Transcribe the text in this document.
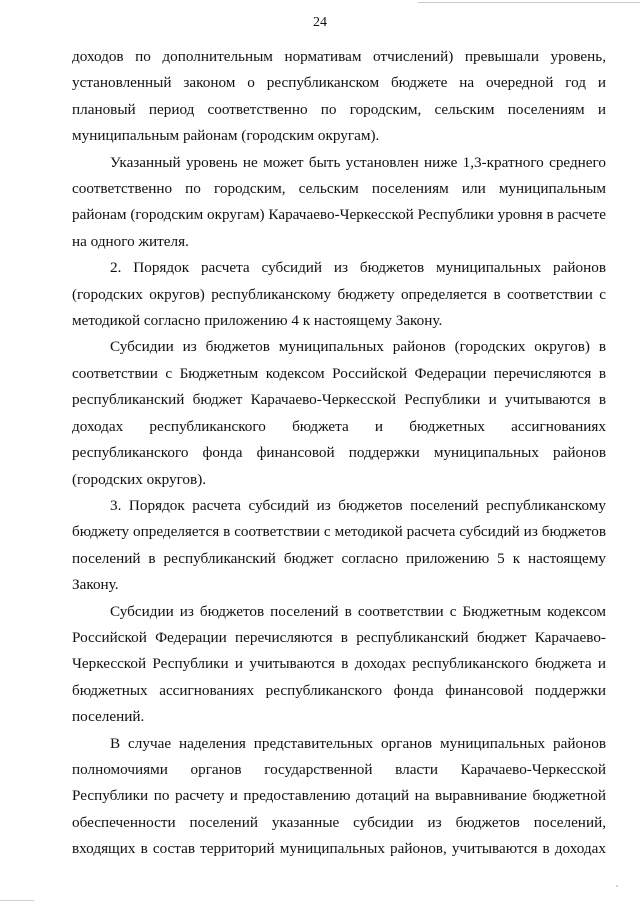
24

доходов по дополнительным нормативам отчислений) превышали уровень, установленный законом о республиканском бюджете на очередной год и плановый период соответственно по городским, сельским поселениям и муниципальным районам (городским округам).

Указанный уровень не может быть установлен ниже 1,3-кратного среднего соответственно по городским, сельским поселениям или муниципальным районам (городским округам) Карачаево-Черкесской Республики уровня в расчете на одного жителя.

2. Порядок расчета субсидий из бюджетов муниципальных районов (городских округов) республиканскому бюджету определяется в соответствии с методикой согласно приложению 4 к настоящему Закону.

Субсидии из бюджетов муниципальных районов (городских округов) в соответствии с Бюджетным кодексом Российской Федерации перечисляются в республиканский бюджет Карачаево-Черкесской Республики и учитываются в доходах республиканского бюджета и бюджетных ассигнованиях республиканского фонда финансовой поддержки муниципальных районов (городских округов).

3. Порядок расчета субсидий из бюджетов поселений республиканскому бюджету определяется в соответствии с методикой расчета субсидий из бюджетов поселений в республиканский бюджет согласно приложению 5 к настоящему Закону.

Субсидии из бюджетов поселений в соответствии с Бюджетным кодексом Российской Федерации перечисляются в республиканский бюджет Карачаево-Черкесской Республики и учитываются в доходах республиканского бюджета и бюджетных ассигнованиях республиканского фонда финансовой поддержки поселений.

В случае наделения представительных органов муниципальных районов полномочиями органов государственной власти Карачаево-Черкесской Республики по расчету и предоставлению дотаций на выравнивание бюджетной обеспеченности поселений указанные субсидии из бюджетов поселений, входящих в состав территорий муниципальных районов, учитываются в доходах
